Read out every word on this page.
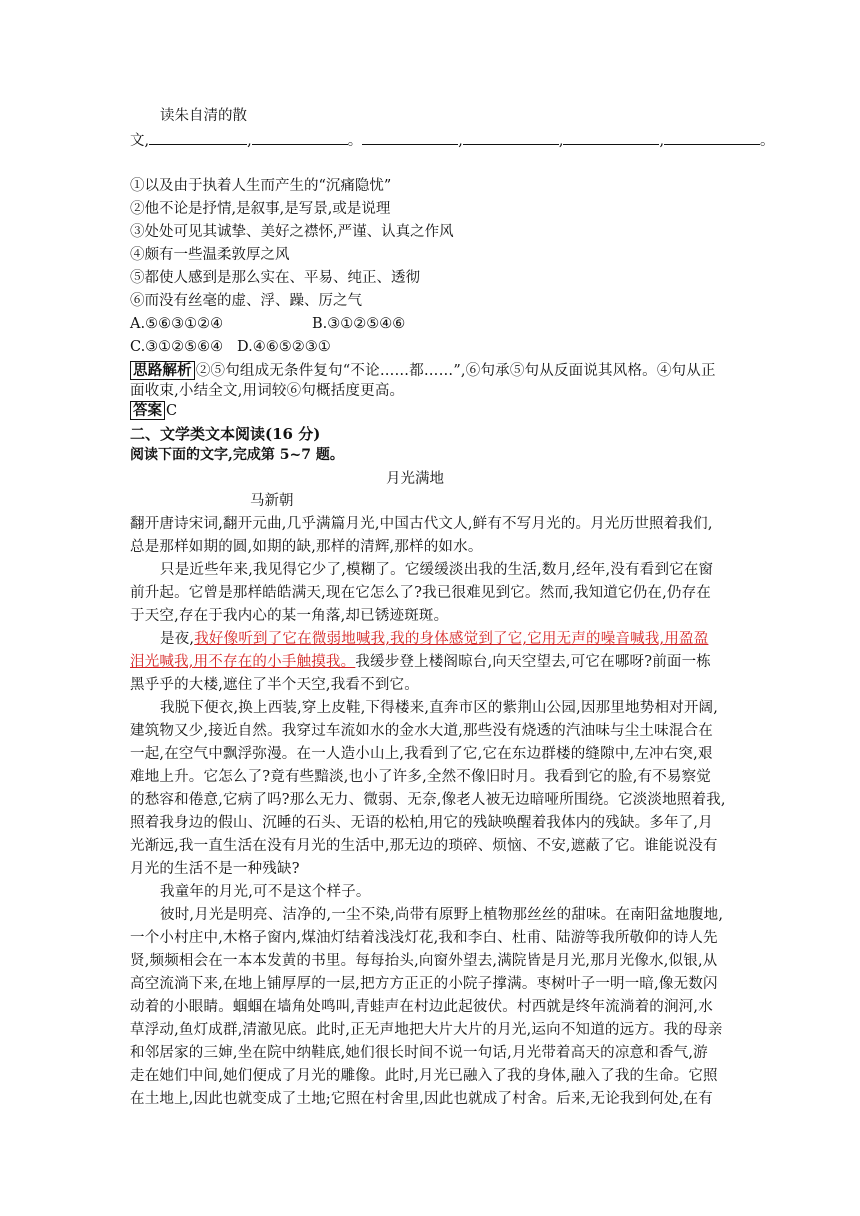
读朱自清的散
文,	,	。	,	,	,	。
①以及由于执着人生而产生的“沉痛隐忧”
②他不论是抒情,是叙事,是写景,或是说理
③处处可见其诚挚、美好之襟怀,严谨、认真之作风
④颇有一些温柔敦厚之风
⑤都使人感到是那么实在、平易、纯正、透彻
⑥而没有丝毫的虚、浮、躁、厉之气
A.⑤⑥③①②④	B.③①②⑤④⑥
C.③①②⑤⑥④   D.④⑥⑤②③①
思路解析 ②⑤句组成无条件复句“不论……都……”,⑥句承⑤句从反面说其风格。④句从正
面收束,小结全文,用词较⑥句概括度更高。
答案 C
二、文学类文本阅读(16 分)
阅读下面的文字,完成第 5~7 题。
月光满地
马新朝
翻开唐诗宋词,翻开元曲,几乎满篇月光,中国古代文人,鲜有不写月光的。月光历世照着我们,
总是那样如期的圆,如期的缺,那样的清辉,那样的如水。
只是近些年来,我见得它少了,模糊了。它缓缓淡出我的生活,数月,经年,没有看到它在窗
前升起。它曾是那样皓皓满天,现在它怎么了?我已很难见到它。然而,我知道它仍在,仍存在
于天空,存在于我内心的某一角落,却已锈迹斑斑。
是夜,我好像听到了它在微弱地喊我,我的身体感觉到了它,它用无声的噪音喊我,用盈盈
泪光喊我,用不存在的小手触摸我。我缓步登上楼阁晾台,向天空望去,可它在哪呀?前面一栋
黑乎乎的大楼,遮住了半个天空,我看不到它。
我脱下便衣,换上西装,穿上皮鞋,下得楼来,直奔市区的紫荆山公园,因那里地势相对开阔,
建筑物又少,接近自然。我穿过车流如水的金水大道,那些没有烧透的汽油味与尘土味混合在
一起,在空气中飘浮弥漫。在一人造小山上,我看到了它,它在东边群楼的缝隙中,左冲右突,艰
难地上升。它怎么了?竟有些黯淡,也小了许多,全然不像旧时月。我看到它的脸,有不易察觉
的愁容和倦意,它病了吗?那么无力、微弱、无奈,像老人被无边暗哑所围绕。它淡淡地照着我,
照着我身边的假山、沉睡的石头、无语的松柏,用它的残缺唤醒着我体内的残缺。多年了,月
光渐远,我一直生活在没有月光的生活中,那无边的琐碎、烦恼、不安,遮蔽了它。谁能说没有
月光的生活不是一种残缺?
我童年的月光,可不是这个样子。
彼时,月光是明亮、洁净的,一尘不染,尚带有原野上植物那丝丝的甜味。在南阳盆地腹地,
一个小村庄中,木格子窗内,煤油灯结着浅浅灯花,我和李白、杜甫、陆游等我所敬仰的诗人先
贤,频频相会在一本本发黄的书里。每每抬头,向窗外望去,满院皆是月光,那月光像水,似银,从
高空流淌下来,在地上铺厚厚的一层,把方方正正的小院子撑满。枣树叶子一明一暗,像无数闪
动着的小眼睛。蝈蝈在墙角处鸣叫,青蛙声在村边此起彼伏。村西就是终年流淌着的涧河,水
草浮动,鱼灯成群,清澈见底。此时,正无声地把大片大片的月光,运向不知道的远方。我的母亲
和邻居家的三婶,坐在院中纳鞋底,她们很长时间不说一句话,月光带着高天的凉意和香气,游
走在她们中间,她们便成了月光的雕像。此时,月光已融入了我的身体,融入了我的生命。它照
在土地上,因此也就变成了土地;它照在村舍里,因此也就成了村舍。后来,无论我到何处,在有
